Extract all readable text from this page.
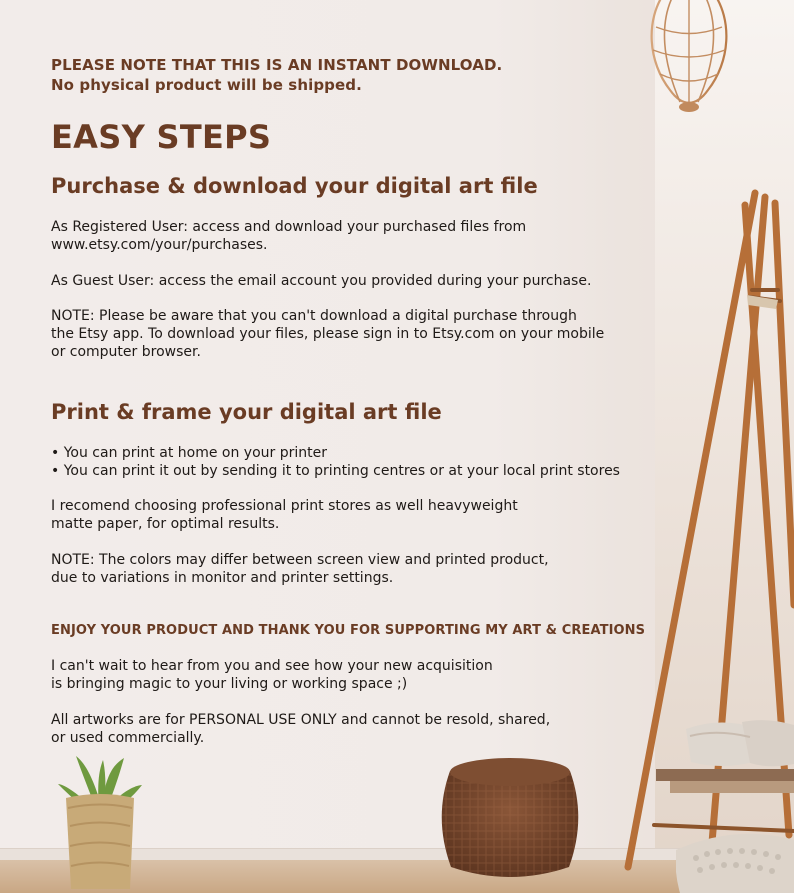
PLEASE NOTE THAT THIS IS AN INSTANT DOWNLOAD.
No physical product will be shipped.

EASY STEPS
Purchase & download your digital art file

As Registered User: access and download your purchased files from
www.etsy.com/your/purchases.

As Guest User: access the email account you provided during your purchase.

NOTE: Please be aware that you can't download a digital purchase through
the Etsy app. To download your files, please sign in to Etsy.com on your mobile
or computer browser.

Print & frame your digital art file

• You can print at home on your printer
• You can print it out by sending it to printing centres or at your local print stores

I recomend choosing professional print stores as well heavyweight
matte paper, for optimal results.

NOTE: The colors may differ between screen view and printed product,
due to variations in monitor and printer settings.

ENJOY YOUR PRODUCT AND THANK YOU FOR SUPPORTING MY ART & CREATIONS

I can't wait to hear from you and see how your new acquisition
is bringing magic to your living or working space ;)

All artworks are for PERSONAL USE ONLY and cannot be resold, shared,
or used commercially.
